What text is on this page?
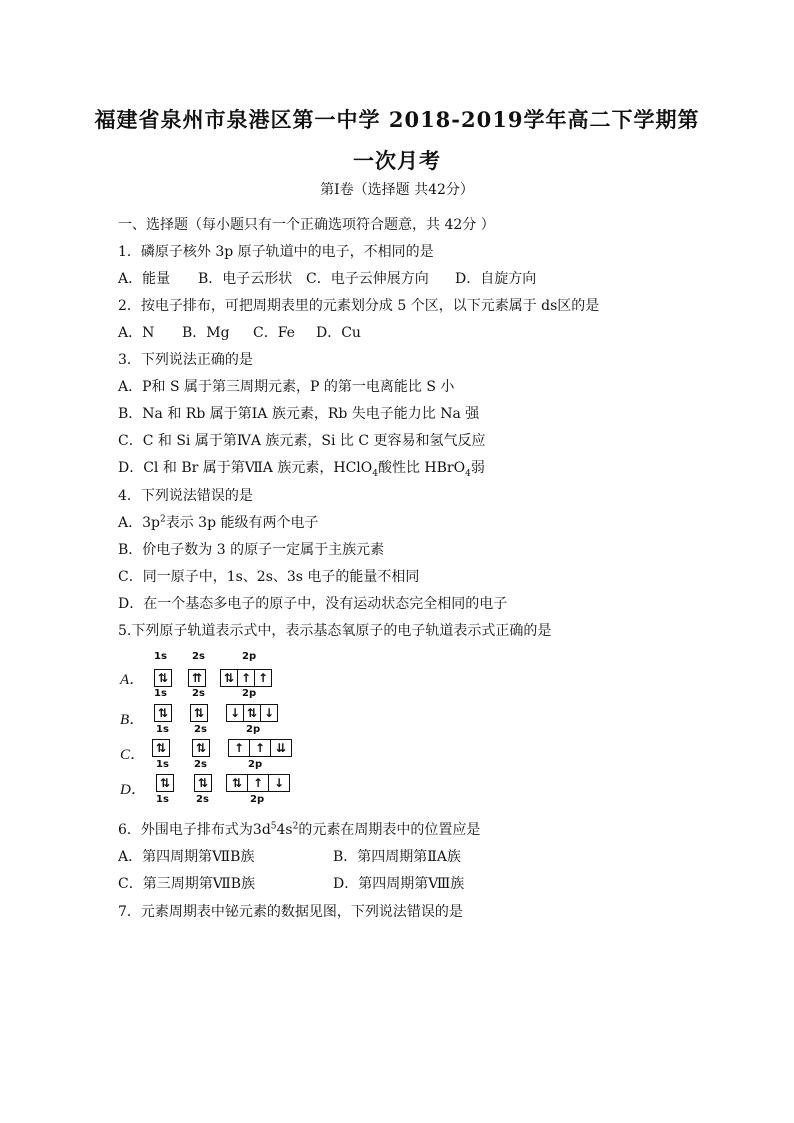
福建省泉州市泉港区第一中学 2018-2019学年高二下学期第
一次月考
第Ⅰ卷（选择题 共42分）
一、选择题（每小题只有一个正确选项符合题意，共 42分 ）
1．磷原子核外 3p 原子轨道中的电子，不相同的是
A．能量 B．电子云形状 C．电子云伸展方向 D．自旋方向
2．按电子排布，可把周期表里的元素划分成 5 个区，以下元素属于 ds区的是
A．N B．Mg C．Fe D．Cu
3．下列说法正确的是
A．P和 S 属于第三周期元素，P 的第一电离能比 S 小
B．Na 和 Rb 属于第ⅠA 族元素，Rb 失电子能力比 Na 强
C．C 和 Si 属于第ⅣA 族元素，Si 比 C 更容易和氢气反应
D．Cl 和 Br 属于第ⅦA 族元素，HClO$_4$酸性比 HBrO$_4$弱
4．下列说法错误的是
A．$3p^2$表示 3p 能级有两个电子
B．价电子数为 3 的原子一定属于主族元素
C．同一原子中，1s、2s、3s 电子的能量不相同
D．在一个基态多电子的原子中，没有运动状态完全相同的电子
5.下列原子轨道表示式中，表示基态氧原子的电子轨道表示式正确的是
1s	2s	2p
A． ⇅ ⇈ ⇅ ↑ ↑
1s	2s	2p
B． ⇅ ⇅ ↓ ⇅ ↓
1s	2s	2p
C． ⇅ ⇅	↑ ↑ ⇊
1s	2s	2p
D． ⇅ ⇅	⇅ ↑ ↓
1s	2s	2p
6．外围电子排布式为$3d^54s^2$的元素在周期表中的位置应是
A．第四周期第ⅦB族	B．第四周期第ⅡA族
C．第三周期第ⅦB族	D．第四周期第Ⅷ族
7．元素周期表中铋元素的数据见图，下列说法错误的是
